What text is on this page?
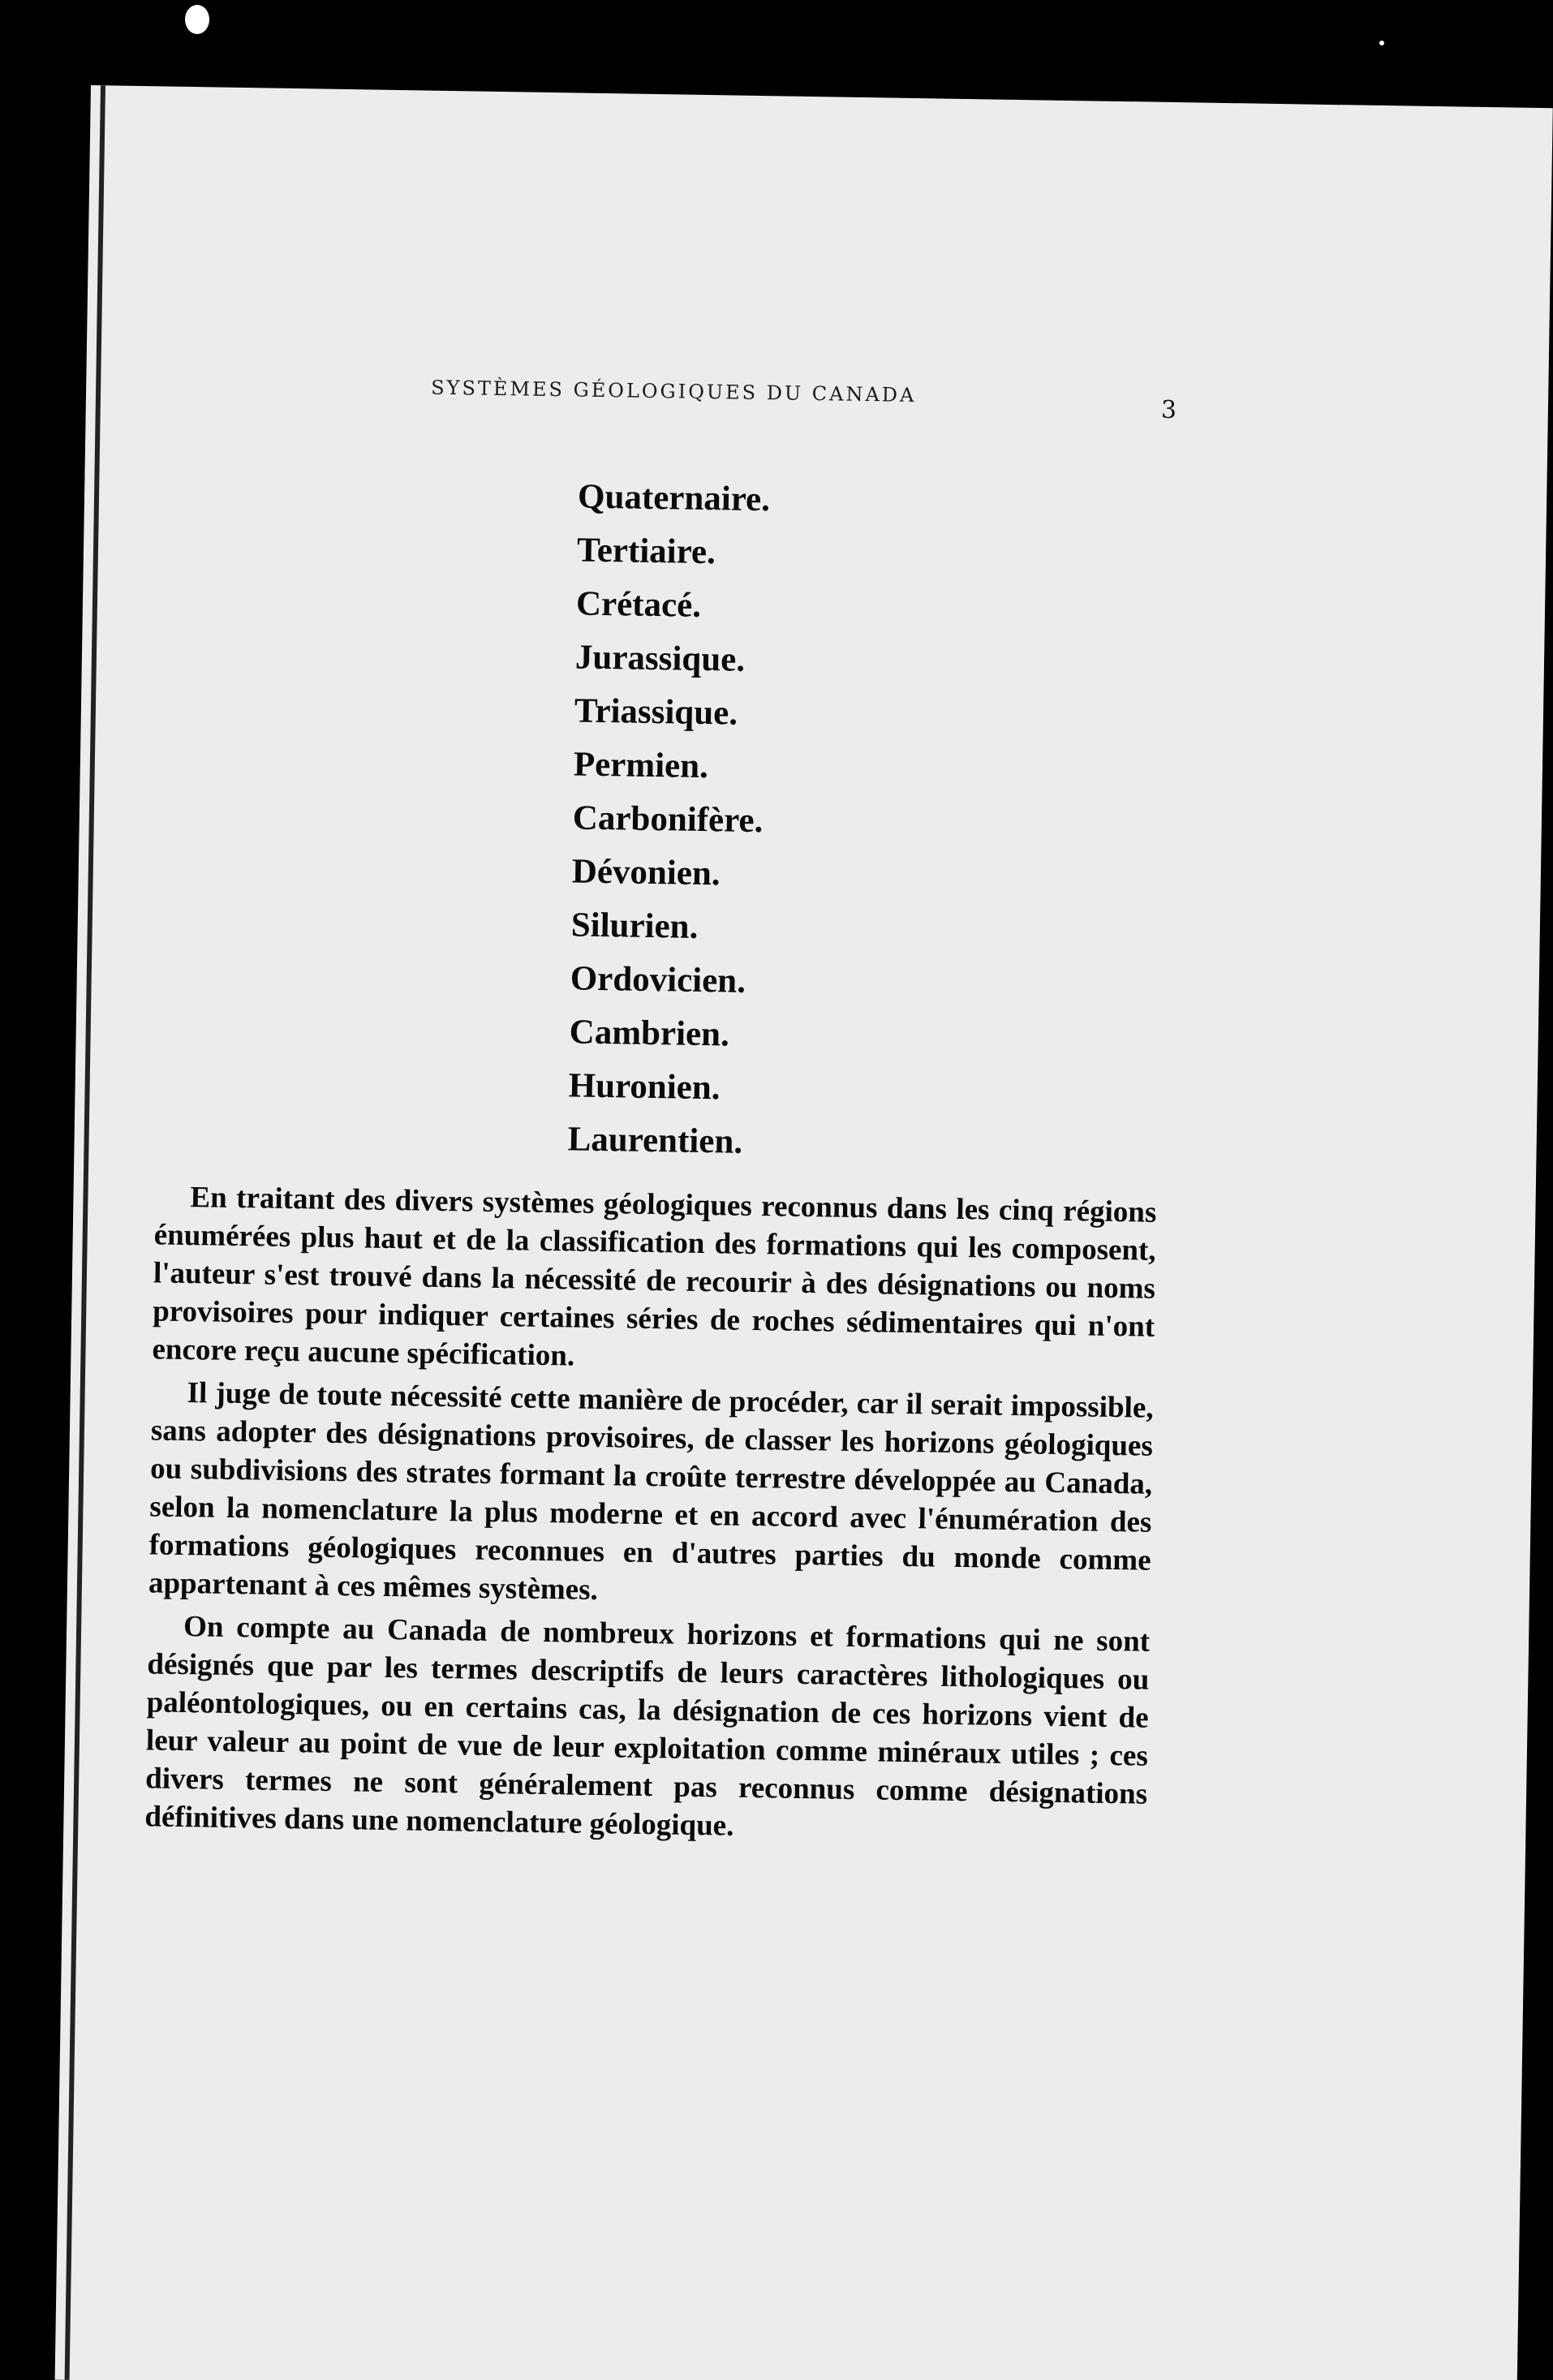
SYSTÈMES GÉOLOGIQUES DU CANADA
3
Quaternaire.
Tertiaire.
Crétacé.
Jurassique.
Triassique.
Permien.
Carbonifère.
Dévonien.
Silurien.
Ordovicien.
Cambrien.
Huronien.
Laurentien.

En traitant des divers systèmes géologiques reconnus dans les cinq régions énumérées plus haut et de la classification des formations qui les composent, l'auteur s'est trouvé dans la nécessité de recourir à des désignations ou noms provisoires pour indiquer certaines séries de roches sédimentaires qui n'ont encore reçu aucune spécification.

Il juge de toute nécessité cette manière de procéder, car il serait impossible, sans adopter des désignations provisoires, de classer les horizons géologiques ou subdivisions des strates formant la croûte terrestre développée au Canada, selon la nomenclature la plus moderne et en accord avec l'énumération des formations géologiques reconnues en d'autres parties du monde comme appartenant à ces mêmes systèmes.

On compte au Canada de nombreux horizons et formations qui ne sont désignés que par les termes descriptifs de leurs caractères lithologiques ou paléontologiques, ou en certains cas, la désignation de ces horizons vient de leur valeur au point de vue de leur exploitation comme minéraux utiles ; ces divers termes ne sont généralement pas reconnus comme désignations définitives dans une nomenclature géologique.
